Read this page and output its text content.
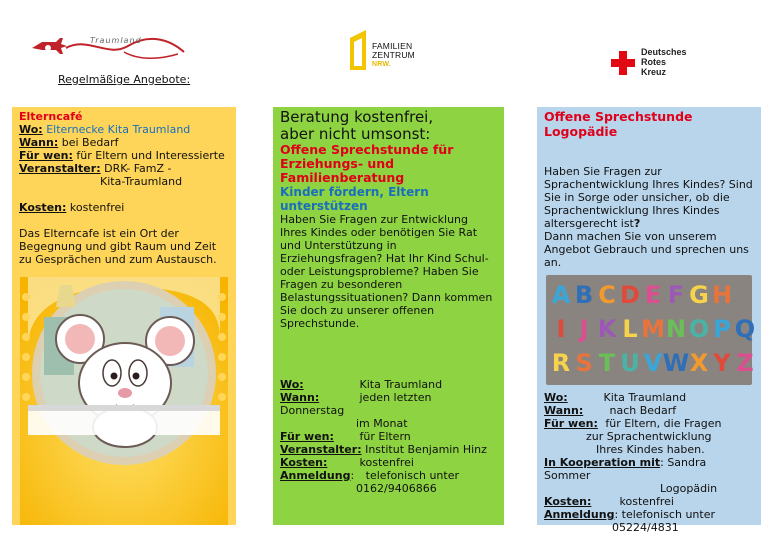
Traumland
Regelmäßige Angebote:
FAMILIEN
ZENTRUM
NRW.
Deutsches
Rotes
Kreuz
Elterncafé
Wo: Elternecke Kita Traumland
Wann: bei Bedarf
Für wen: für Eltern und Interessierte
Veranstalter: DRK- FamZ -
Kita-Traumland
Kosten: kostenfrei
Das Elterncafe ist ein Ort der Begegnung und gibt Raum und Zeit zu Gesprächen und zum Austausch.
Beratung kostenfrei,
aber nicht umsonst:
Offene Sprechstunde für Erziehungs- und Familienberatung
Kinder fördern, Eltern unterstützen
Haben Sie Fragen zur Entwicklung Ihres Kindes oder benötigen Sie Rat und Unterstützung in Erziehungsfragen? Hat Ihr Kind Schul- oder Leistungsprobleme? Haben Sie Fragen zu besonderen Belastungssituationen? Dann kommen Sie doch zu unserer offenen Sprechstunde.
Wo:	Kita Traumland
Wann:	jeden letzten Donnerstag
im Monat
Für wen: für Eltern
Veranstalter: Institut Benjamin Hinz
Kosten:	kostenfrei
Anmeldung: telefonisch unter
0162/9406866
Offene Sprechstunde
Logopädie
Haben Sie Fragen zur Sprachentwicklung Ihres Kindes? Sind Sie in Sorge oder unsicher, ob die Sprachentwicklung Ihres Kindes altersgerecht ist?
Dann machen Sie von unserem Angebot Gebrauch und sprechen uns an.
A B C D E F G H
I J K L M N O P Q
R S T U V W X Y Z
Wo:	Kita Traumland
Wann: nach Bedarf
Für wen: für Eltern, die Fragen
zur Sprachentwicklung
Ihres Kindes haben.
In Kooperation mit: Sandra
Sommer
Logopädin
Kosten:	kostenfrei
Anmeldung: telefonisch unter
05224/4831
